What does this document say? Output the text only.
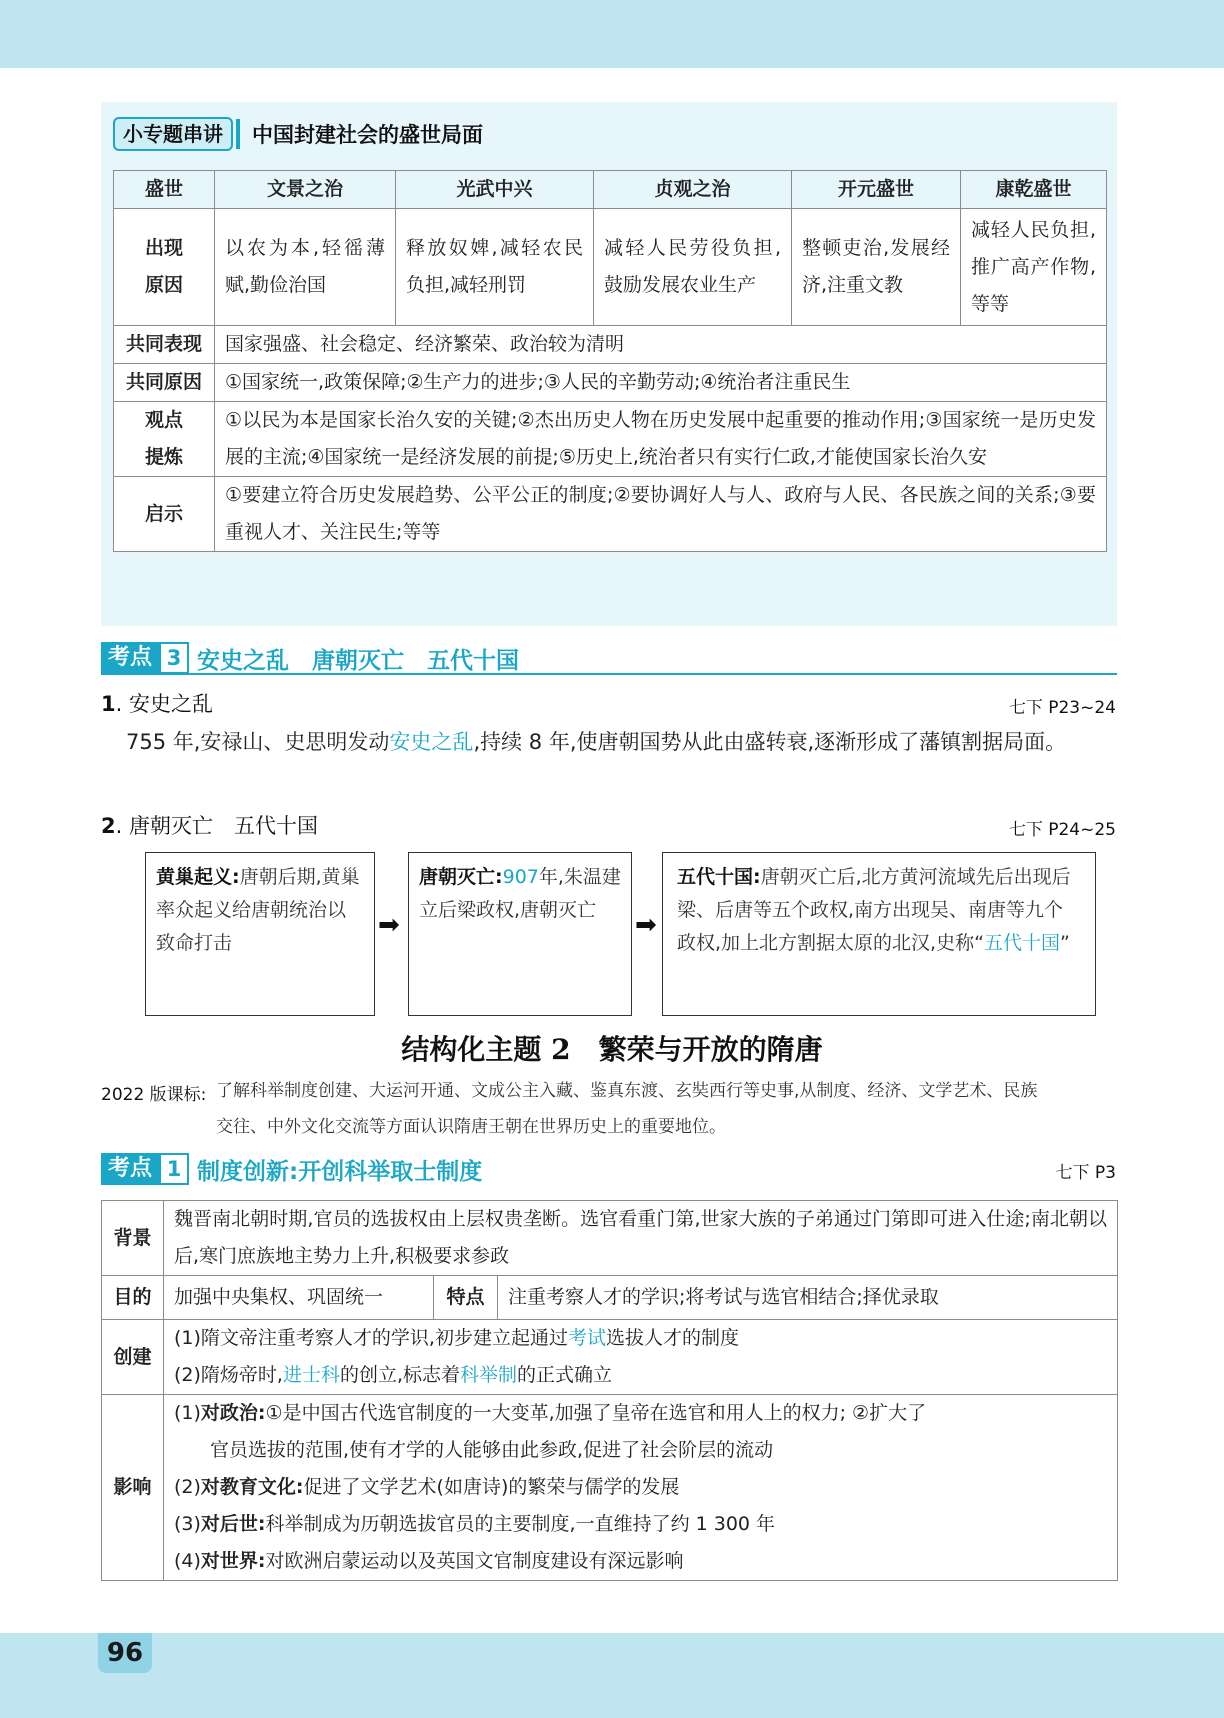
小专题串讲	中国封建社会的盛世局面
盛世	文景之治	光武中兴	贞观之治	开元盛世	康乾盛世
出现原因	以农为本,轻徭薄赋,勤俭治国	释放奴婢,减轻农民负担,减轻刑罚	减轻人民劳役负担,鼓励发展农业生产	整顿吏治,发展经济,注重文教	减轻人民负担,推广高产作物,等等
共同表现	国家强盛、社会稳定、经济繁荣、政治较为清明				
共同原因	①国家统一,政策保障;②生产力的进步;③人民的辛勤劳动;④统治者注重民生				
观点提炼	①以民为本是国家长治久安的关键;②杰出历史人物在历史发展中起重要的推动作用;③国家统一是历史发展的主流;④国家统一是经济发展的前提;⑤历史上,统治者只有实行仁政,才能使国家长治久安				
启示	①要建立符合历史发展趋势、公平公正的制度;②要协调好人与人、政府与人民、各民族之间的关系;③要重视人才、关注民生;等等				
考点 3 安史之乱　唐朝灭亡　五代十国
1. 安史之乱	七下 P23~24
755 年,安禄山、史思明发动安史之乱,持续 8 年,使唐朝国势从此由盛转衰,逐渐形成了藩镇割据局面。
2. 唐朝灭亡　五代十国	七下 P24~25
黄巢起义:唐朝后期,黄巢率众起义给唐朝统治以致命打击
➡
唐朝灭亡:907年,朱温建立后梁政权,唐朝灭亡	➡
五代十国:唐朝灭亡后,北方黄河流域先后出现后梁、后唐等五个政权,南方出现吴、南唐等九个政权,加上北方割据太原的北汉,史称“五代十国”
结构化主题 2　繁荣与开放的隋唐
2022 版课标: 了解科举制度创建、大运河开通、文成公主入藏、鉴真东渡、玄奘西行等史事,从制度、经济、文学艺术、民族
交往、中外文化交流等方面认识隋唐王朝在世界历史上的重要地位。
考点 1 制度创新:开创科举取士制度	七下 P3
背景	魏晋南北朝时期,官员的选拔权由上层权贵垄断。选官看重门第,世家大族的子弟通过门第即可进入仕途;南北朝以后,寒门庶族地主势力上升,积极要求参政		
目的	加强中央集权、巩固统一	特点	注重考察人才的学识;将考试与选官相结合;择优录取
创建	(1)隋文帝注重考察人才的学识,初步建立起通过考试选拔人才的制度
(2)隋炀帝时,进士科的创立,标志着科举制的正式确立		

影响	(1)对政治:①是中国古代选官制度的一大变革,加强了皇帝在选官和用人上的权力; ②扩大了
官员选拔的范围,使有才学的人能够由此参政,促进了社会阶层的流动
(2)对教育文化:促进了文学艺术(如唐诗)的繁荣与儒学的发展
(3)对后世:科举制成为历朝选拔官员的主要制度,一直维持了约 1 300 年
(4)对世界:对欧洲启蒙运动以及英国文官制度建设有深远影响		
96
